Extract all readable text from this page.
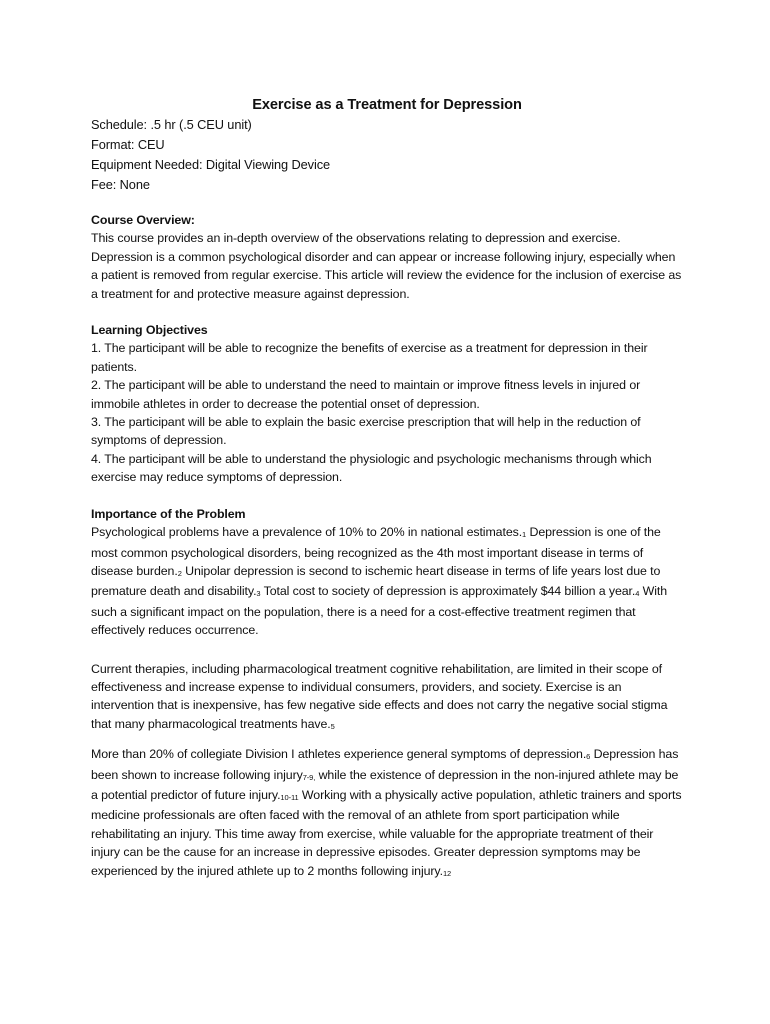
Exercise as a Treatment for Depression

Schedule: .5 hr (.5 CEU unit)

Format: CEU

Equipment Needed: Digital Viewing Device

Fee: None

Course Overview:

This course provides an in-depth overview of the observations relating to depression and exercise. Depression is a common psychological disorder and can appear or increase following injury, especially when a patient is removed from regular exercise. This article will review the evidence for the inclusion of exercise as a treatment for and protective measure against depression.

Learning Objectives

1. The participant will be able to recognize the benefits of exercise as a treatment for depression in their patients.

2. The participant will be able to understand the need to maintain or improve fitness levels in injured or immobile athletes in order to decrease the potential onset of depression.

3. The participant will be able to explain the basic exercise prescription that will help in the reduction of symptoms of depression.

4. The participant will be able to understand the physiologic and psychologic mechanisms through which exercise may reduce symptoms of depression.

Importance of the Problem

Psychological problems have a prevalence of 10% to 20% in national estimates.1 Depression is one of the most common psychological disorders, being recognized as the 4th most important disease in terms of disease burden.2 Unipolar depression is second to ischemic heart disease in terms of life years lost due to premature death and disability.3 Total cost to society of depression is approximately $44 billion a year.4 With such a significant impact on the population, there is a need for a cost-effective treatment regimen that effectively reduces occurrence.

Current therapies, including pharmacological treatment cognitive rehabilitation, are limited in their scope of effectiveness and increase expense to individual consumers, providers, and society. Exercise is an intervention that is inexpensive, has few negative side effects and does not carry the negative social stigma that many pharmacological treatments have.5

More than 20% of collegiate Division I athletes experience general symptoms of depression.6 Depression has been shown to increase following injury7-9, while the existence of depression in the non-injured athlete may be a potential predictor of future injury.10-11 Working with a physically active population, athletic trainers and sports medicine professionals are often faced with the removal of an athlete from sport participation while rehabilitating an injury. This time away from exercise, while valuable for the appropriate treatment of their injury can be the cause for an increase in depressive episodes. Greater depression symptoms may be experienced by the injured athlete up to 2 months following injury.12
